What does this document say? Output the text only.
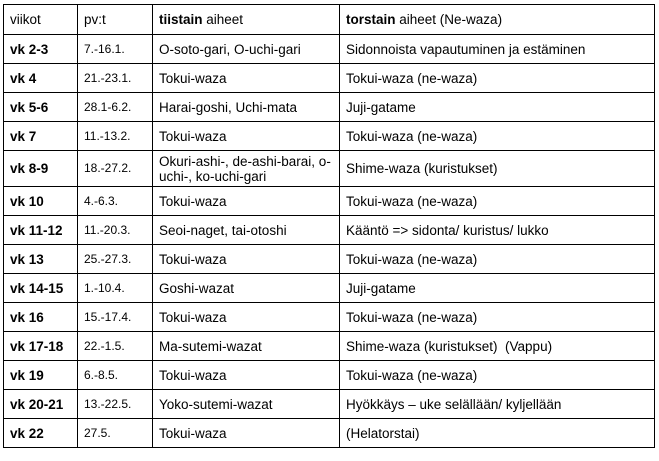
viikot	pv:t	tiistain aiheet	torstain aiheet (Ne-waza)
vk 2-3	7.-16.1.	O-soto-gari, O-uchi-gari	Sidonnoista vapautuminen ja estäminen
vk 4	21.-23.1.	Tokui-waza	Tokui-waza (ne-waza)
vk 5-6	28.1-6.2.	Harai-goshi, Uchi-mata	Juji-gatame
vk 7	11.-13.2.	Tokui-waza	Tokui-waza (ne-waza)
vk 8-9	18.-27.2.	Okuri-ashi-, de-ashi-barai, o-uchi-, ko-uchi-gari	Shime-waza (kuristukset)
vk 10	4.-6.3.	Tokui-waza	Tokui-waza (ne-waza)
vk 11-12	11.-20.3.	Seoi-naget, tai-otoshi	Kääntö => sidonta/ kuristus/ lukko
vk 13	25.-27.3.	Tokui-waza	Tokui-waza (ne-waza)
vk 14-15	1.-10.4.	Goshi-wazat	Juji-gatame
vk 16	15.-17.4.	Tokui-waza	Tokui-waza (ne-waza)
vk 17-18	22.-1.5.	Ma-sutemi-wazat	Shime-waza (kuristukset)  (Vappu)
vk 19	6.-8.5.	Tokui-waza	Tokui-waza (ne-waza)
vk 20-21	13.-22.5.	Yoko-sutemi-wazat	Hyökkäys – uke selällään/ kyljellään
vk 22	27.5.	Tokui-waza	(Helatorstai)
